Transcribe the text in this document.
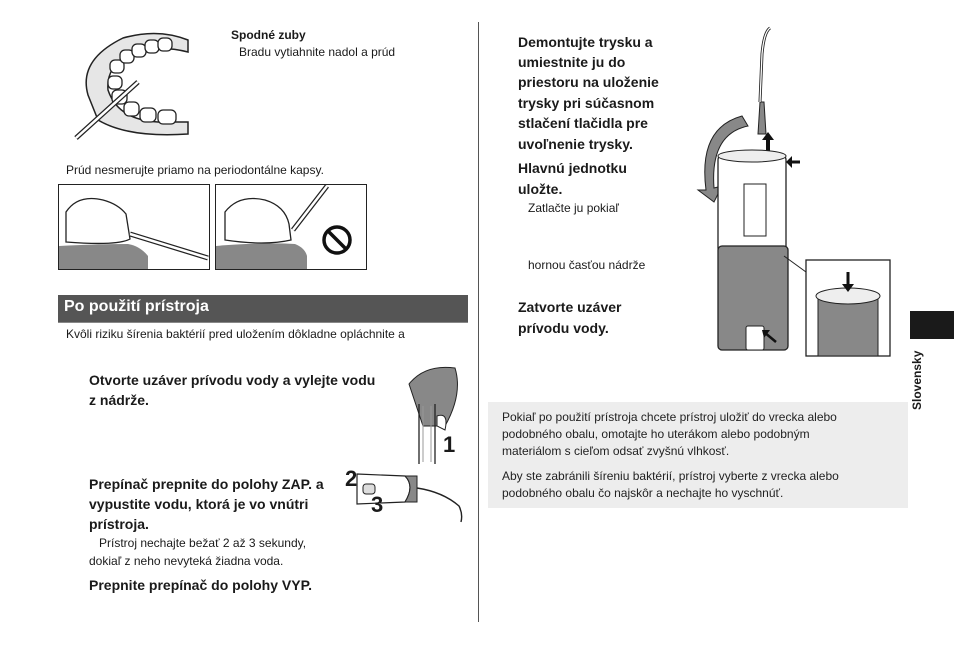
Spodné zuby
Bradu vytiahnite nadol a prúd
Prúd nesmerujte priamo na periodontálne kapsy.
Po použití prístroja
Kvôli riziku šírenia baktérií pred uložením dôkladne opláchnite a
Otvorte uzáver prívodu vody a vylejte vodu
z nádrže.
1
Prepínač prepnite do polohy ZAP. a
vypustite vodu, ktorá je vo vnútri
prístroja.
Prístroj nechajte bežať 2 až 3 sekundy,
dokiaľ z neho nevyteká žiadna voda.
Prepnite prepínač do polohy VYP.
2
3
Demontujte trysku a
umiestnite ju do
priestoru na uloženie
trysky pri súčasnom
stlačení tlačidla pre
uvoľnenie trysky.
Hlavnú jednotku
uložte.
Zatlačte ju pokiaľ
hornou časťou nádrže
Zatvorte uzáver
prívodu vody.

Pokiaľ po použití prístroja chcete prístroj uložiť do vrecka alebo

podobného obalu, omotajte ho uterákom alebo podobným

materiálom s cieľom odsať zvyšnú vlhkosť.

Aby ste zabránili šíreniu baktérií, prístroj vyberte z vrecka alebo

podobného obalu čo najskôr a nechajte ho vyschnúť.

Slovensky
